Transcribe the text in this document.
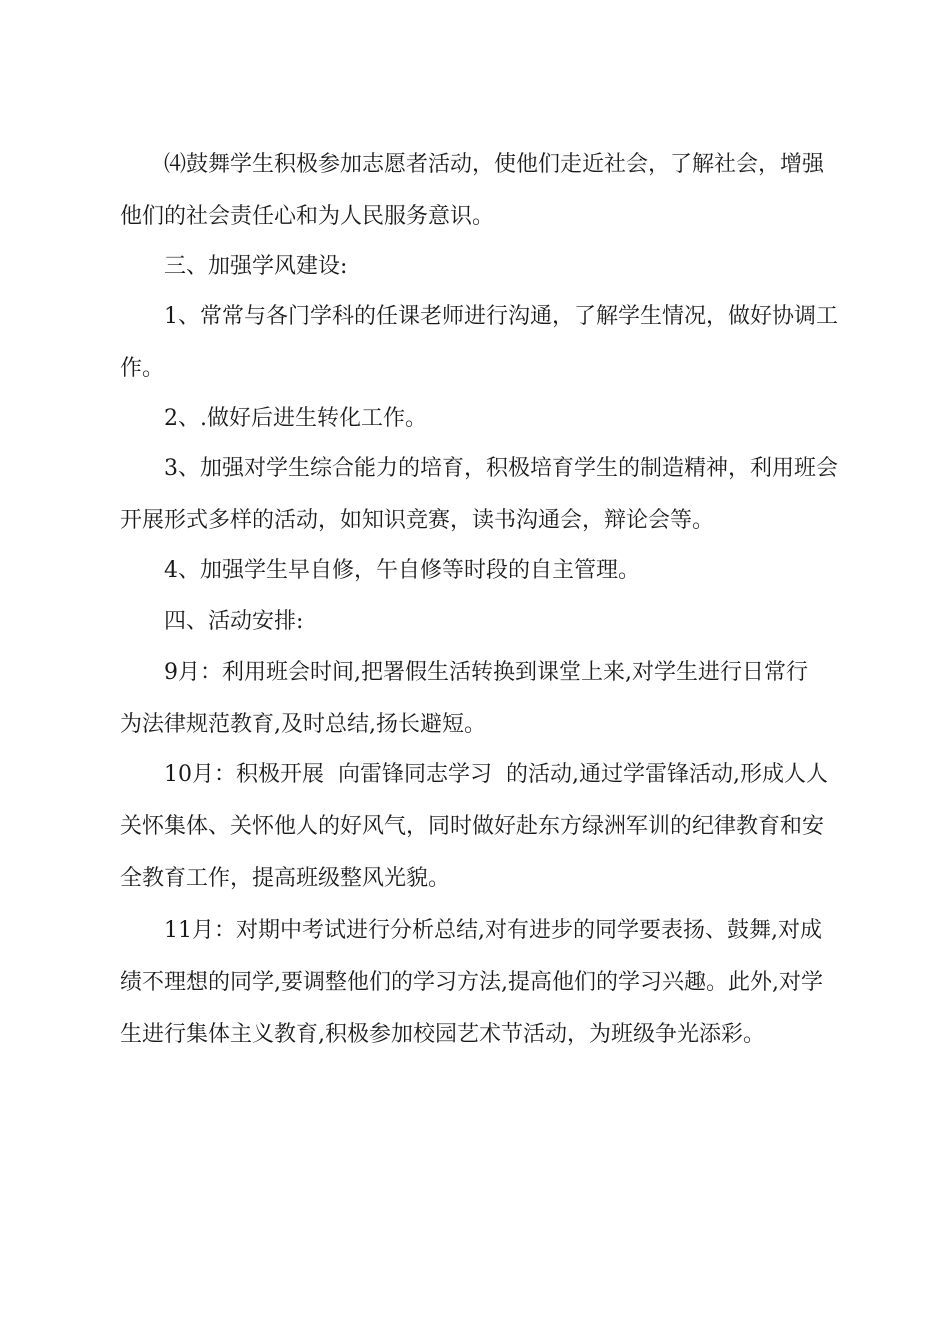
⑷鼓舞学生积极参加志愿者活动，使他们走近社会，了解社会，增强
他们的社会责任心和为人民服务意识。
三、加强学风建设:
1、常常与各门学科的任课老师进行沟通，了解学生情况，做好协调工
作。
2、.做好后进生转化工作。
3、加强对学生综合能力的培育，积极培育学生的制造精神，利用班会
开展形式多样的活动，如知识竞赛，读书沟通会，辩论会等。
4、加强学生早自修，午自修等时段的自主管理。
四、活动安排:
9月：利用班会时间,把署假生活转换到课堂上来,对学生进行日常行
为法律规范教育,及时总结,扬长避短。
10月：积极开展  向雷锋同志学习  的活动,通过学雷锋活动,形成人人
关怀集体、关怀他人的好风气，同时做好赴东方绿洲军训的纪律教育和安
全教育工作，提高班级整风光貌。
11月：对期中考试进行分析总结,对有进步的同学要表扬、鼓舞,对成
绩不理想的同学,要调整他们的学习方法,提高他们的学习兴趣。此外,对学
生进行集体主义教育,积极参加校园艺术节活动，为班级争光添彩。
